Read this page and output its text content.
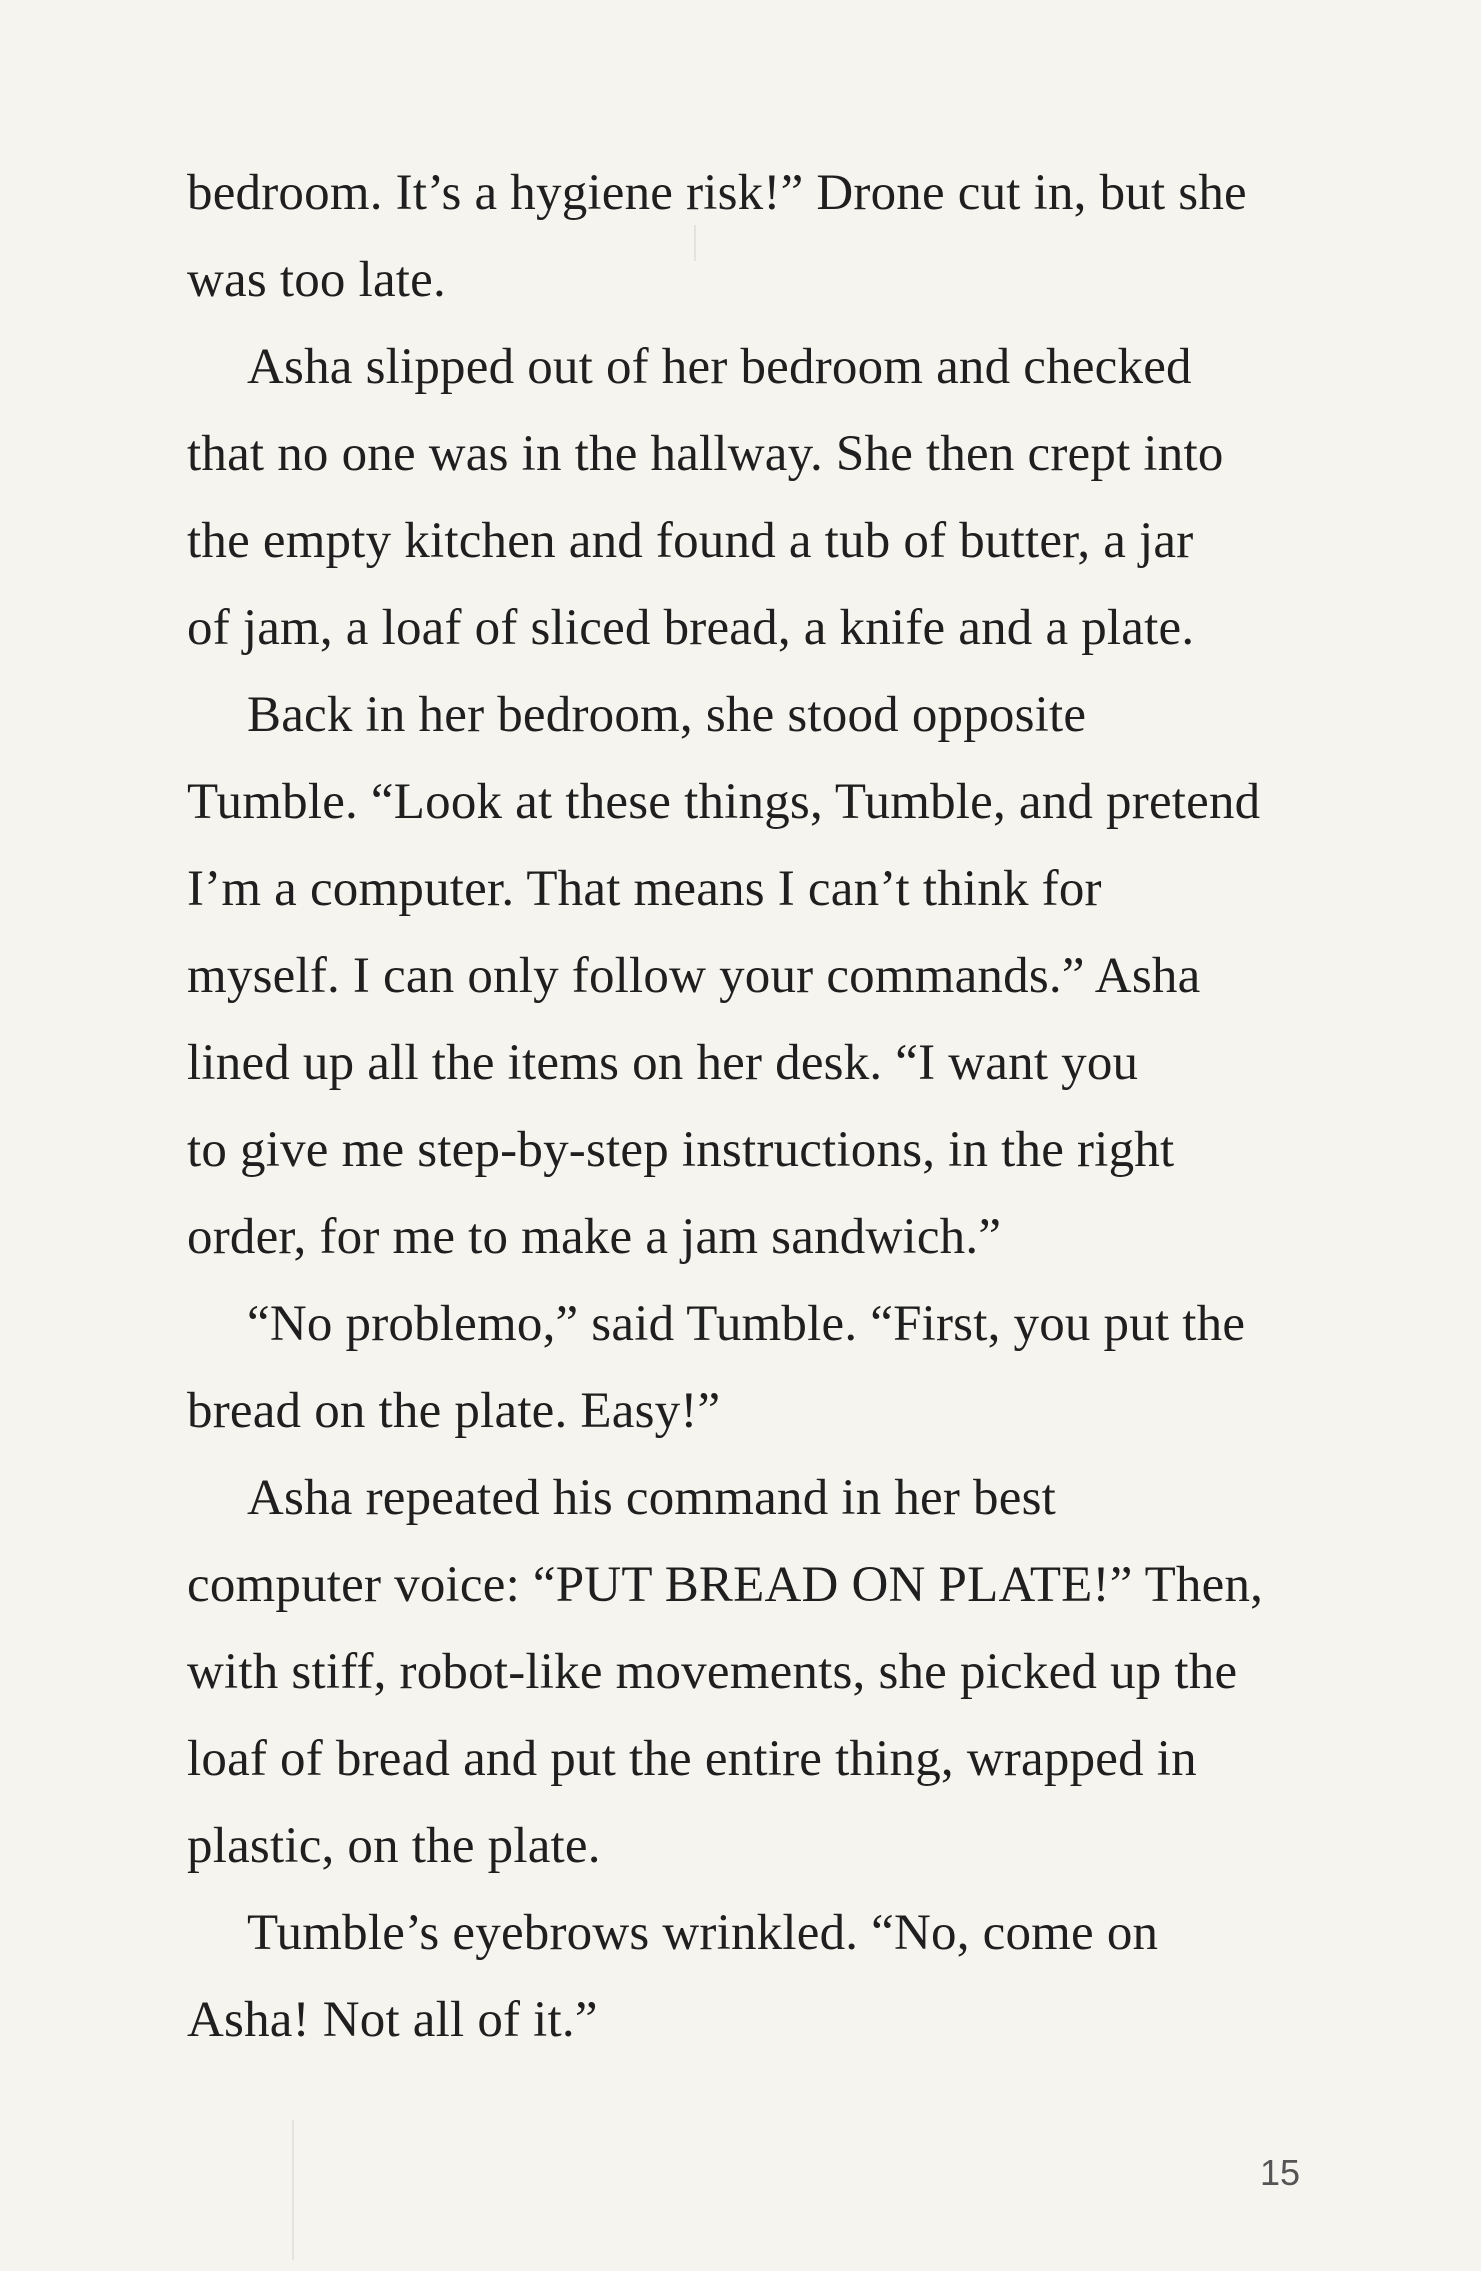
bedroom. It’s a hygiene risk!” Drone cut in, but she
was too late.
Asha slipped out of her bedroom and checked
that no one was in the hallway. She then crept into
the empty kitchen and found a tub of butter, a jar
of jam, a loaf of sliced bread, a knife and a plate.
Back in her bedroom, she stood opposite
Tumble. “Look at these things, Tumble, and pretend
I’m a computer. That means I can’t think for
myself. I can only follow your commands.” Asha
lined up all the items on her desk. “I want you
to give me step-by-step instructions, in the right
order, for me to make a jam sandwich.”
“No problemo,” said Tumble. “First, you put the
bread on the plate. Easy!”
Asha repeated his command in her best
computer voice: “PUT BREAD ON PLATE!” Then,
with stiff, robot-like movements, she picked up the
loaf of bread and put the entire thing, wrapped in
plastic, on the plate.
Tumble’s eyebrows wrinkled. “No, come on
Asha! Not all of it.”
15
